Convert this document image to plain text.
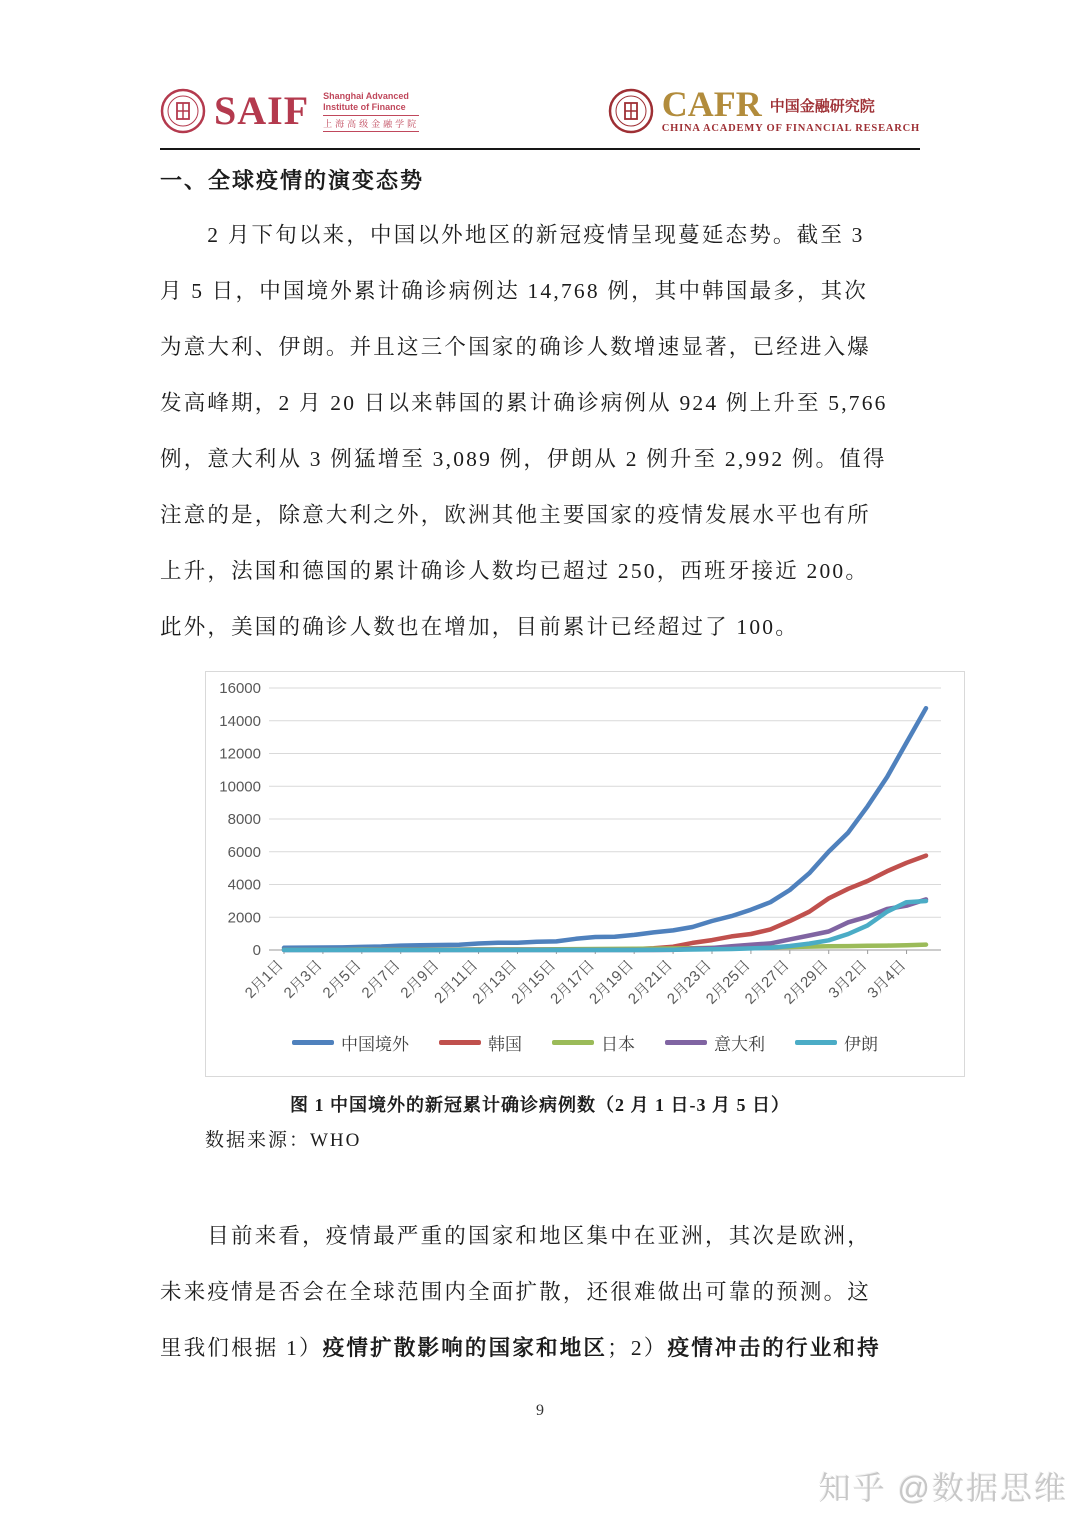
SAIF Shanghai Advanced
Institute of Finance
上海高级金融学院	CAFR 中国金融研究院
CHINA ACADEMY OF FINANCIAL RESEARCH
一、全球疫情的演变态势
2 月下旬以来，中国以外地区的新冠疫情呈现蔓延态势。截至 3
月 5 日，中国境外累计确诊病例达 14,768 例，其中韩国最多，其次
为意大利、伊朗。并且这三个国家的确诊人数增速显著，已经进入爆
发高峰期，2 月 20 日以来韩国的累计确诊病例从 924 例上升至 5,766
例，意大利从 3 例猛增至 3,089 例，伊朗从 2 例升至 2,992 例。值得
注意的是，除意大利之外，欧洲其他主要国家的疫情发展水平也有所
上升，法国和德国的累计确诊人数均已超过 250，西班牙接近 200。
此外，美国的确诊人数也在增加，目前累计已经超过了 100。
0
2000
4000
6000
8000
10000
12000
14000
16000
2月1日
2月3日
2月5日
2月7日
2月9日
2月11日
2月13日
2月15日
2月17日
2月19日
2月21日
2月23日
2月25日
2月27日
2月29日
3月2日
3月4日
中国境外	韩国	日本	意大利	伊朗
图 1 中国境外的新冠累计确诊病例数（2 月 1 日-3 月 5 日）
数据来源：WHO
目前来看，疫情最严重的国家和地区集中在亚洲，其次是欧洲，
未来疫情是否会在全球范围内全面扩散，还很难做出可靠的预测。这
里我们根据 1）疫情扩散影响的国家和地区；2）疫情冲击的行业和持
9
知乎 @数据思维
